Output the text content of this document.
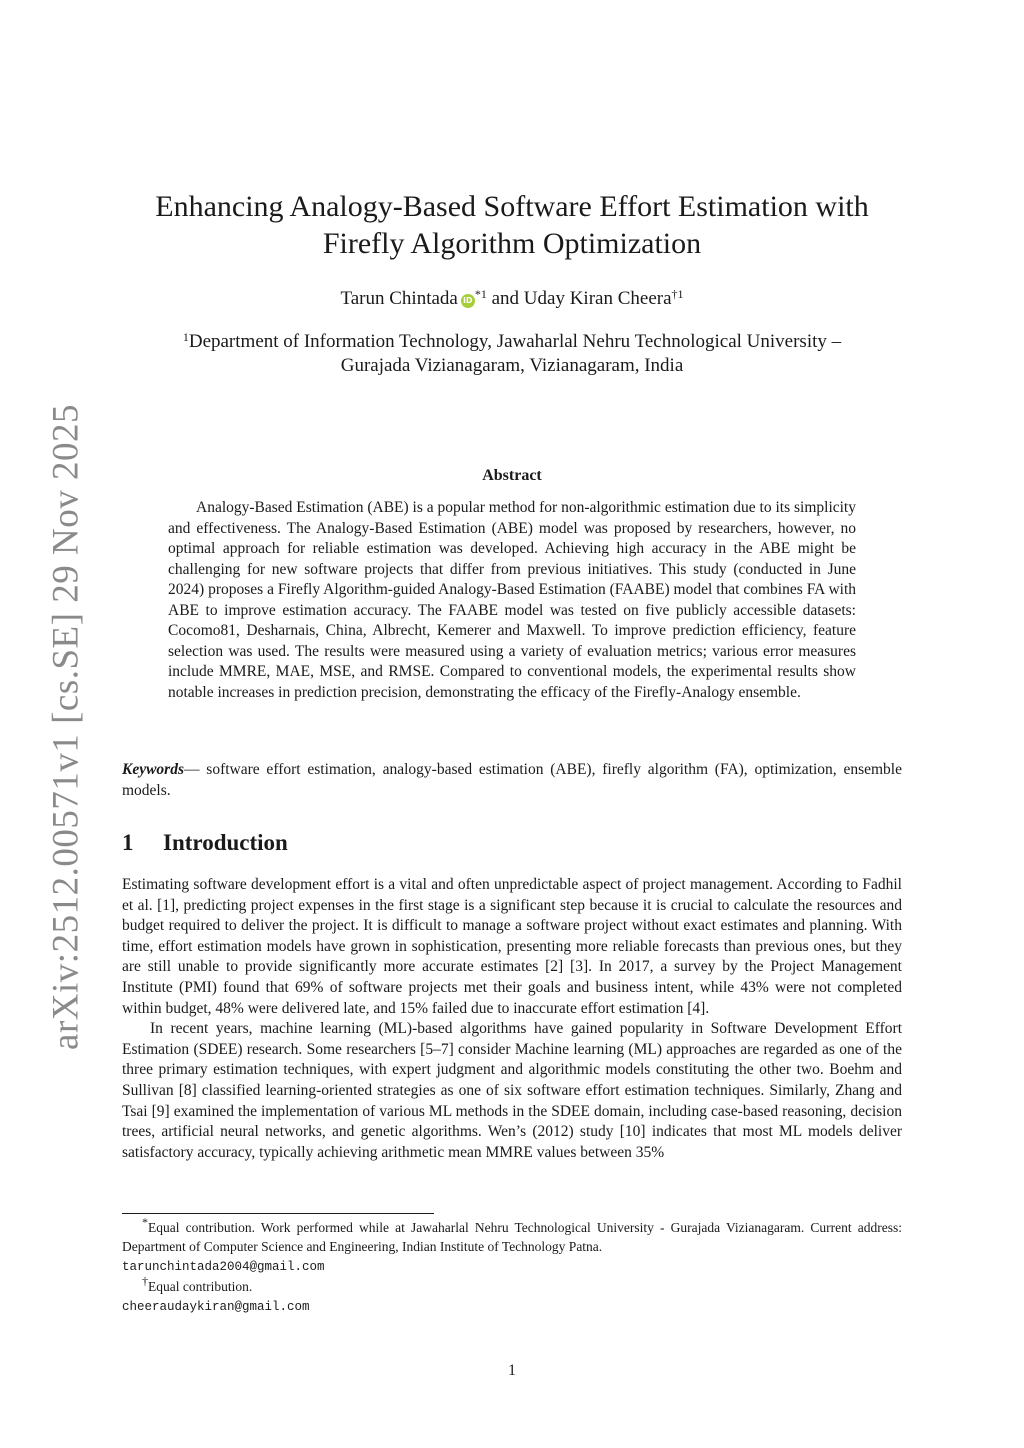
arXiv:2512.00571v1 [cs.SE] 29 Nov 2025
Enhancing Analogy-Based Software Effort Estimation with
Firefly Algorithm Optimization
Tarun Chintada iD $^{*1}$ and Uday Kiran Cheera$^{\dagger 1}$
$^1$Department of Information Technology, Jawaharlal Nehru Technological University –
Gurajada Vizianagaram, Vizianagaram, India
Abstract

Analogy-Based Estimation (ABE) is a popular method for non-algorithmic estimation due to its simplicity and effectiveness. The Analogy-Based Estimation (ABE) model was proposed by researchers, however, no optimal approach for reliable estimation was developed. Achieving high accuracy in the ABE might be challenging for new software projects that differ from previous initiatives. This study (conducted in June 2024) proposes a Firefly Algorithm-guided Analogy-Based Estimation (FAABE) model that combines FA with ABE to improve estimation accuracy. The FAABE model was tested on five publicly accessible datasets: Cocomo81, Desharnais, China, Albrecht, Kemerer and Maxwell. To improve prediction efficiency, feature selection was used. The results were measured using a variety of evaluation metrics; various error measures include MMRE, MAE, MSE, and RMSE. Compared to conventional models, the experimental results show notable increases in prediction precision, demonstrating the efficacy of the Firefly-Analogy ensemble.

Keywords— software effort estimation, analogy-based estimation (ABE), firefly algorithm (FA), optimization, ensemble models.

1 Introduction

Estimating software development effort is a vital and often unpredictable aspect of project management. According to Fadhil et al. [1], predicting project expenses in the first stage is a significant step because it is crucial to calculate the resources and budget required to deliver the project. It is difficult to manage a software project without exact estimates and planning. With time, effort estimation models have grown in sophistication, presenting more reliable forecasts than previous ones, but they are still unable to provide significantly more accurate estimates [2] [3]. In 2017, a survey by the Project Management Institute (PMI) found that 69% of software projects met their goals and business intent, while 43% were not completed within budget, 48% were delivered late, and 15% failed due to inaccurate effort estimation [4].

In recent years, machine learning (ML)-based algorithms have gained popularity in Software Development Effort Estimation (SDEE) research. Some researchers [5–7] consider Machine learning (ML) approaches are regarded as one of the three primary estimation techniques, with expert judgment and algorithmic models constituting the other two. Boehm and Sullivan [8] classified learning-oriented strategies as one of six software effort estimation techniques. Similarly, Zhang and Tsai [9] examined the implementation of various ML methods in the SDEE domain, including case-based reasoning, decision trees, artificial neural networks, and genetic algorithms. Wen’s (2012) study [10] indicates that most ML models deliver satisfactory accuracy, typically achieving arithmetic mean MMRE values between 35%

*Equal contribution. Work performed while at Jawaharlal Nehru Technological University - Gurajada Vizianagaram. Current address: Department of Computer Science and Engineering, Indian Institute of Technology Patna.

tarunchintada2004@gmail.com

†Equal contribution.

cheeraudaykiran@gmail.com

1
